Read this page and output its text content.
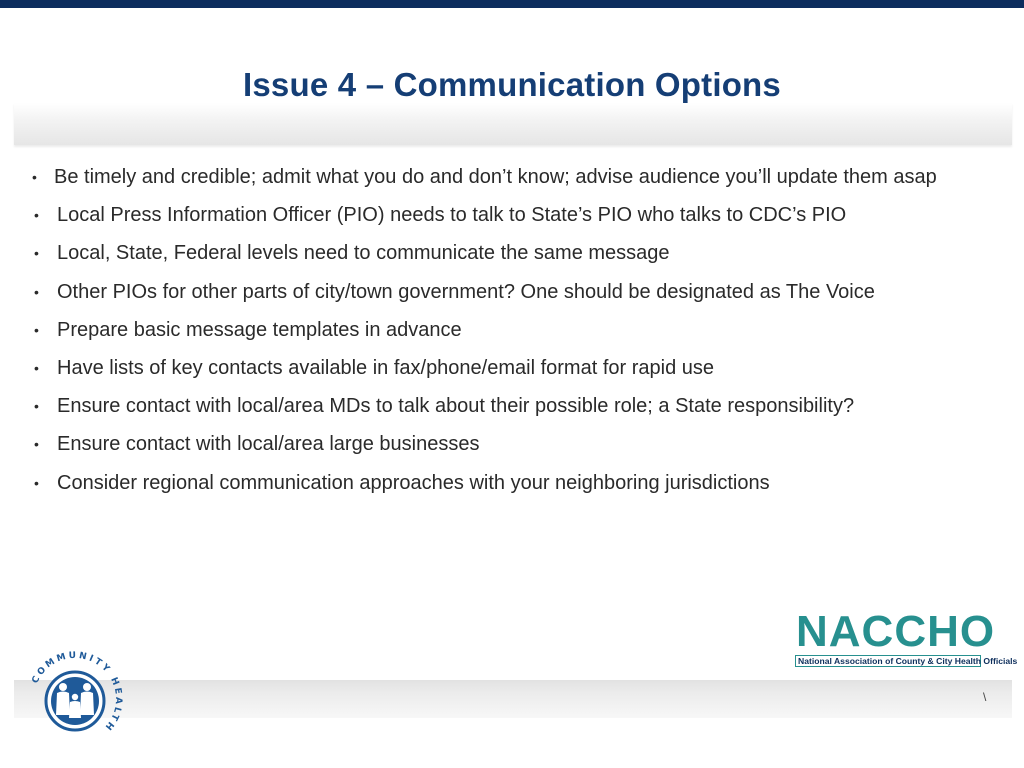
Issue 4 – Communication Options
• Be timely and credible; admit what you do and don’t know; advise audience you’ll update them asap
• Local Press Information Officer (PIO) needs to talk to State’s PIO who talks to CDC’s PIO
• Local, State, Federal levels need to communicate the same message
• Other PIOs for other parts of city/town government? One should be designated as The Voice
• Prepare basic message templates in advance
• Have lists of key contacts available in fax/phone/email format for rapid use
• Ensure contact with local/area MDs to talk about their possible role; a State responsibility?
• Ensure contact with local/area large businesses
• Consider regional communication approaches with your neighboring jurisdictions
NACCHO
National Association of County & City Health Officials
\
COMMUNITY HEALTH
